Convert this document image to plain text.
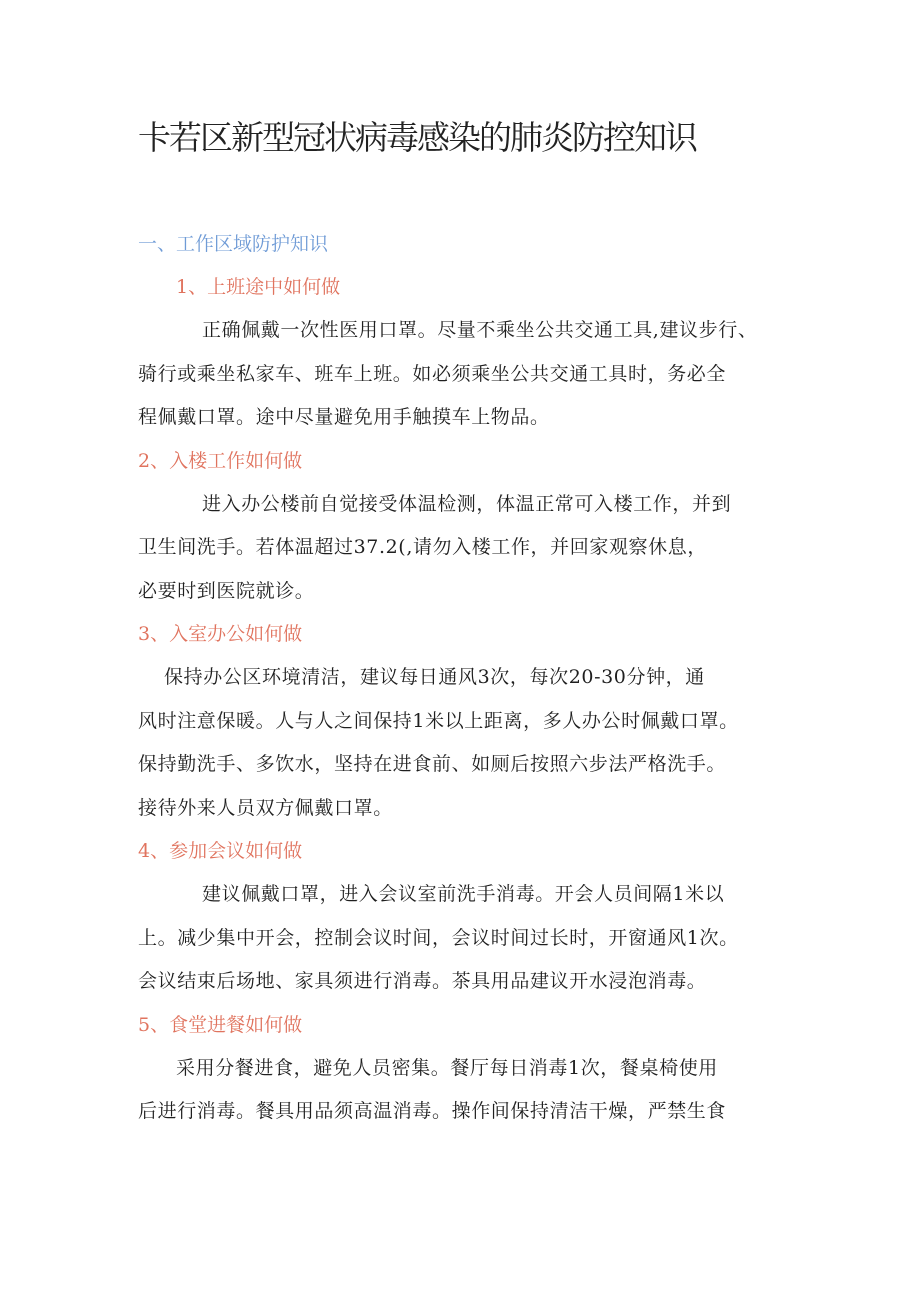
卡若区新型冠状病毒感染的肺炎防控知识
一、工作区域防护知识
1、上班途中如何做
正确佩戴一次性医用口罩。尽量不乘坐公共交通工具,建议步行、
骑行或乘坐私家车、班车上班。如必须乘坐公共交通工具时，务必全
程佩戴口罩。途中尽量避免用手触摸车上物品。
2、入楼工作如何做
进入办公楼前自觉接受体温检测，体温正常可入楼工作，并到
卫生间洗手。若体温超过37.2(,请勿入楼工作，并回家观察休息，
必要时到医院就诊。
3、入室办公如何做
保持办公区环境清洁，建议每日通风3次，每次20-30分钟，通
风时注意保暖。人与人之间保持1米以上距离，多人办公时佩戴口罩。
保持勤洗手、多饮水，坚持在进食前、如厕后按照六步法严格洗手。
接待外来人员双方佩戴口罩。
4、参加会议如何做
建议佩戴口罩，进入会议室前洗手消毒。开会人员间隔1米以
上。减少集中开会，控制会议时间，会议时间过长时，开窗通风1次。
会议结束后场地、家具须进行消毒。茶具用品建议开水浸泡消毒。
5、食堂进餐如何做
采用分餐进食，避免人员密集。餐厅每日消毒1次，餐桌椅使用
后进行消毒。餐具用品须高温消毒。操作间保持清洁干燥，严禁生食
